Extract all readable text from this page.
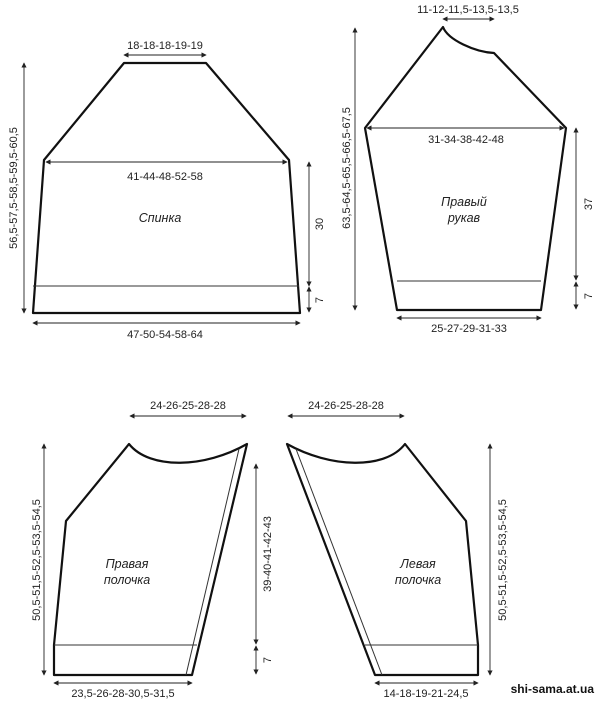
18-18-18-19-19
41-44-48-52-58
47-50-54-58-64
56,5-57,5-58,5-59,5-60,5	30
7
Спинка
11-12-11,5-13,5-13,5
31-34-38-42-48
25-27-29-31-33
63,5-64,5-65,5-66,5-67,5	37
7
Правый
рукав
24-26-25-28-28
23,5-26-28-30,5-31,5
50,5-51,5-52,5-53,5-54,5	39-40-41-42-43
7
Правая
полочка
24-26-25-28-28
14-18-19-21-24,5
50,5-51,5-52,5-53,5-54,5
Левая
полочка
shi-sama.at.ua
